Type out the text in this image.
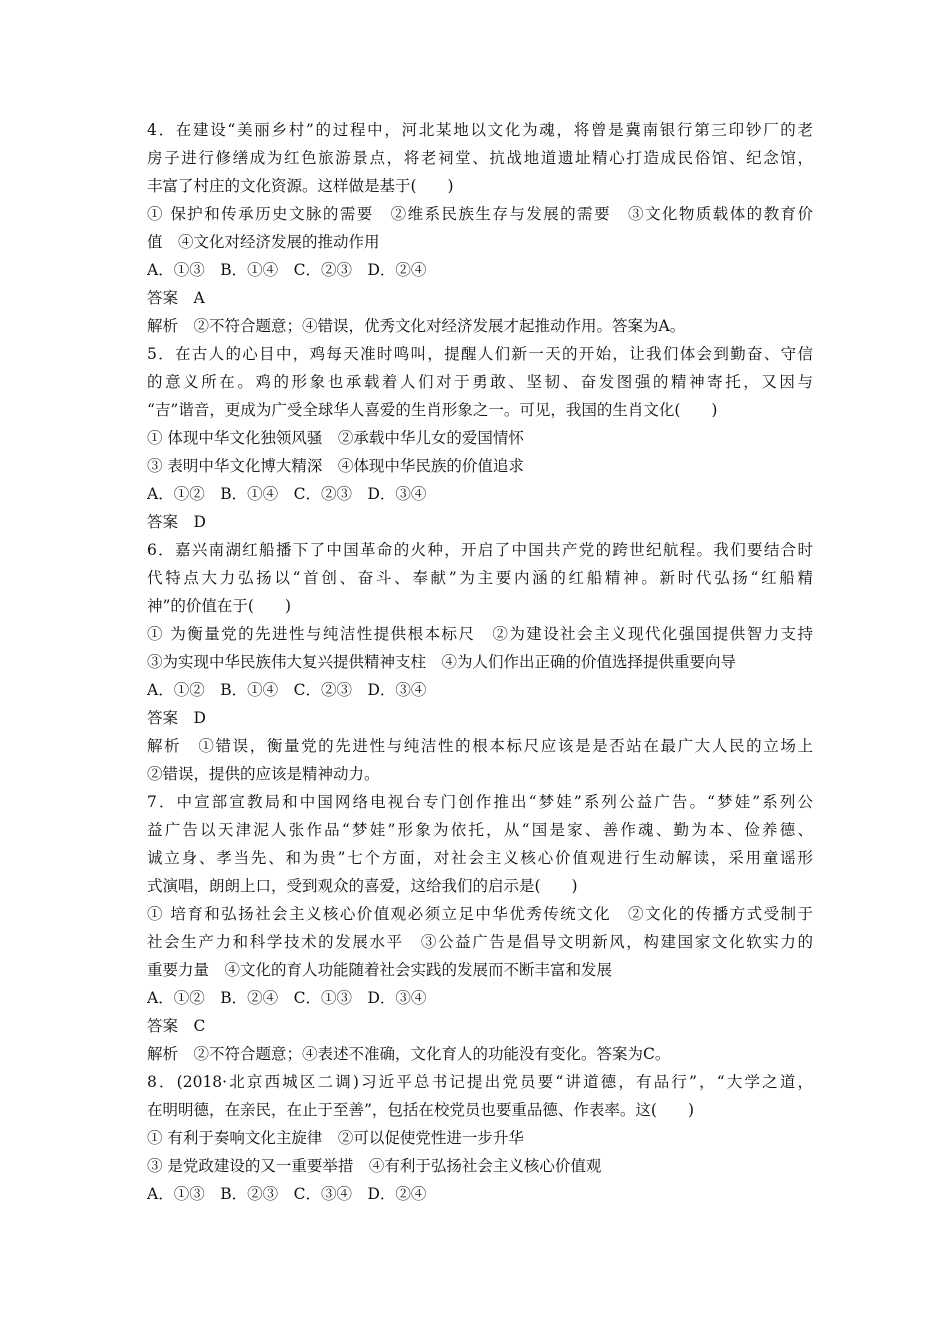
4．在建设“美丽乡村”的过程中，河北某地以文化为魂，将曾是冀南银行第三印钞厂的老
房子进行修缮成为红色旅游景点，将老祠堂、抗战地道遗址精心打造成民俗馆、纪念馆，
丰富了村庄的文化资源。这样做是基于(　　)
① 保护和传承历史文脉的需要　②维系民族生存与发展的需要　③文化物质载体的教育价
值　④文化对经济发展的推动作用
A．①③　B．①④　C．②③　D．②④
答案　A
解析　②不符合题意；④错误，优秀文化对经济发展才起推动作用。答案为A。
5．在古人的心目中，鸡每天准时鸣叫，提醒人们新一天的开始，让我们体会到勤奋、守信
的意义所在。鸡的形象也承载着人们对于勇敢、坚韧、奋发图强的精神寄托，又因与
“吉”谐音，更成为广受全球华人喜爱的生肖形象之一。可见，我国的生肖文化(　　)
① 体现中华文化独领风骚　②承载中华儿女的爱国情怀
③ 表明中华文化博大精深　④体现中华民族的价值追求
A．①②　B．①④　C．②③　D．③④
答案　D
6．嘉兴南湖红船播下了中国革命的火种，开启了中国共产党的跨世纪航程。我们要结合时
代特点大力弘扬以“首创、奋斗、奉献”为主要内涵的红船精神。新时代弘扬“红船精
神”的价值在于(　　)
① 为衡量党的先进性与纯洁性提供根本标尺　②为建设社会主义现代化强国提供智力支持
③为实现中华民族伟大复兴提供精神支柱　④为人们作出正确的价值选择提供重要向导
A．①②　B．①④　C．②③　D．③④
答案　D
解析　①错误，衡量党的先进性与纯洁性的根本标尺应该是是否站在最广大人民的立场上
②错误，提供的应该是精神动力。
7．中宣部宣教局和中国网络电视台专门创作推出“梦娃”系列公益广告。“梦娃”系列公
益广告以天津泥人张作品“梦娃”形象为依托，从“国是家、善作魂、勤为本、俭养德、
诚立身、孝当先、和为贵”七个方面，对社会主义核心价值观进行生动解读，采用童谣形
式演唱，朗朗上口，受到观众的喜爱，这给我们的启示是(　　)
① 培育和弘扬社会主义核心价值观必须立足中华优秀传统文化　②文化的传播方式受制于
社会生产力和科学技术的发展水平　③公益广告是倡导文明新风，构建国家文化软实力的
重要力量　④文化的育人功能随着社会实践的发展而不断丰富和发展
A．①②　B．②④　C．①③　D．③④
答案　C
解析　②不符合题意；④表述不准确，文化育人的功能没有变化。答案为C。
8．(2018·北京西城区二调)习近平总书记提出党员要“讲道德，有品行”，“大学之道，
在明明德，在亲民，在止于至善”，包括在校党员也要重品德、作表率。这(　　)
① 有利于奏响文化主旋律　②可以促使党性进一步升华
③ 是党政建设的又一重要举措　④有利于弘扬社会主义核心价值观
A．①③　B．②③　C．③④　D．②④
